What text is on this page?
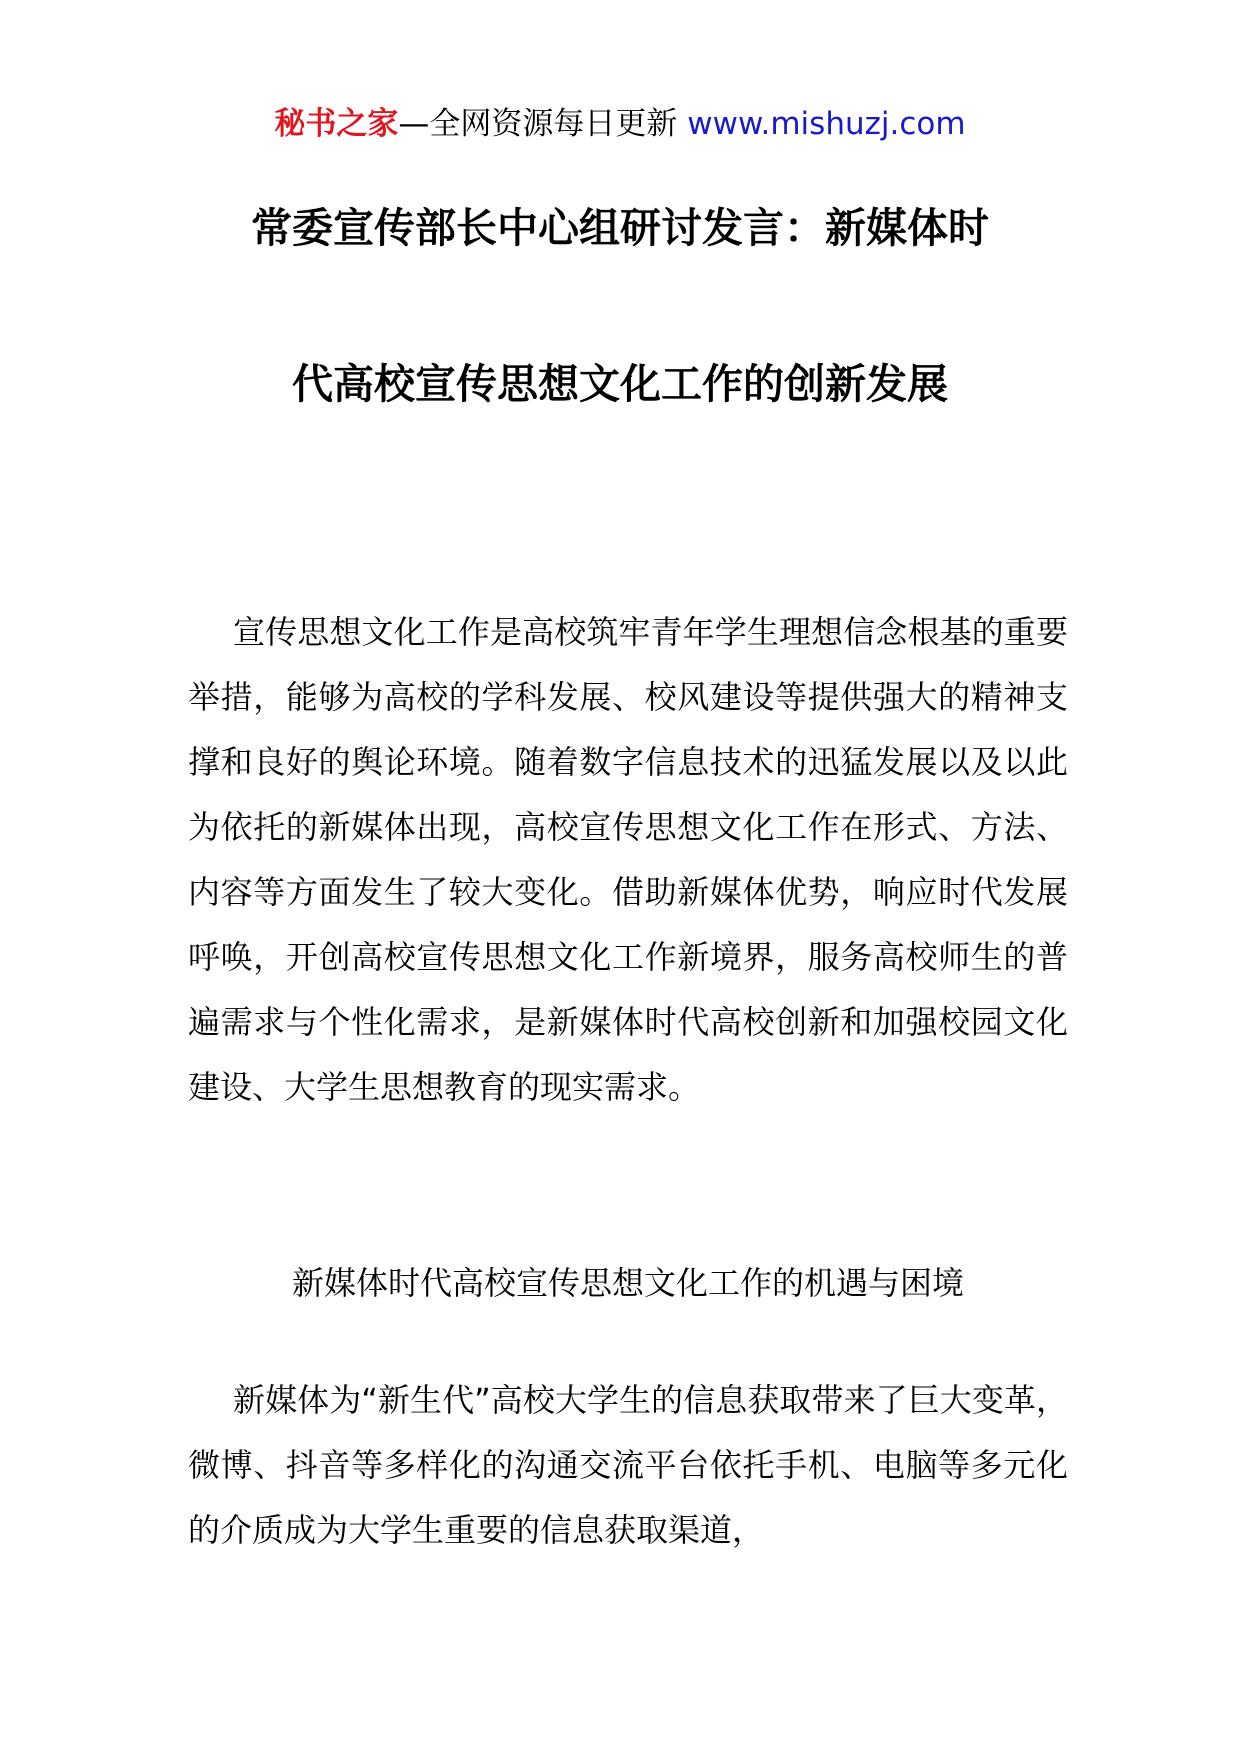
秘书之家—全网资源每日更新 www.mishuzj.com
常委宣传部长中心组研讨发言：新媒体时
代高校宣传思想文化工作的创新发展

宣传思想文化工作是高校筑牢青年学生理想信念根基的重要举措，能够为高校的学科发展、校风建设等提供强大的精神支撑和良好的舆论环境。随着数字信息技术的迅猛发展以及以此为依托的新媒体出现，高校宣传思想文化工作在形式、方法、内容等方面发生了较大变化。借助新媒体优势，响应时代发展呼唤，开创高校宣传思想文化工作新境界，服务高校师生的普遍需求与个性化需求，是新媒体时代高校创新和加强校园文化建设、大学生思想教育的现实需求。

新媒体时代高校宣传思想文化工作的机遇与困境

新媒体为“新生代”高校大学生的信息获取带来了巨大变革，微博、抖音等多样化的沟通交流平台依托手机、电脑等多元化的介质成为大学生重要的信息获取渠道，
